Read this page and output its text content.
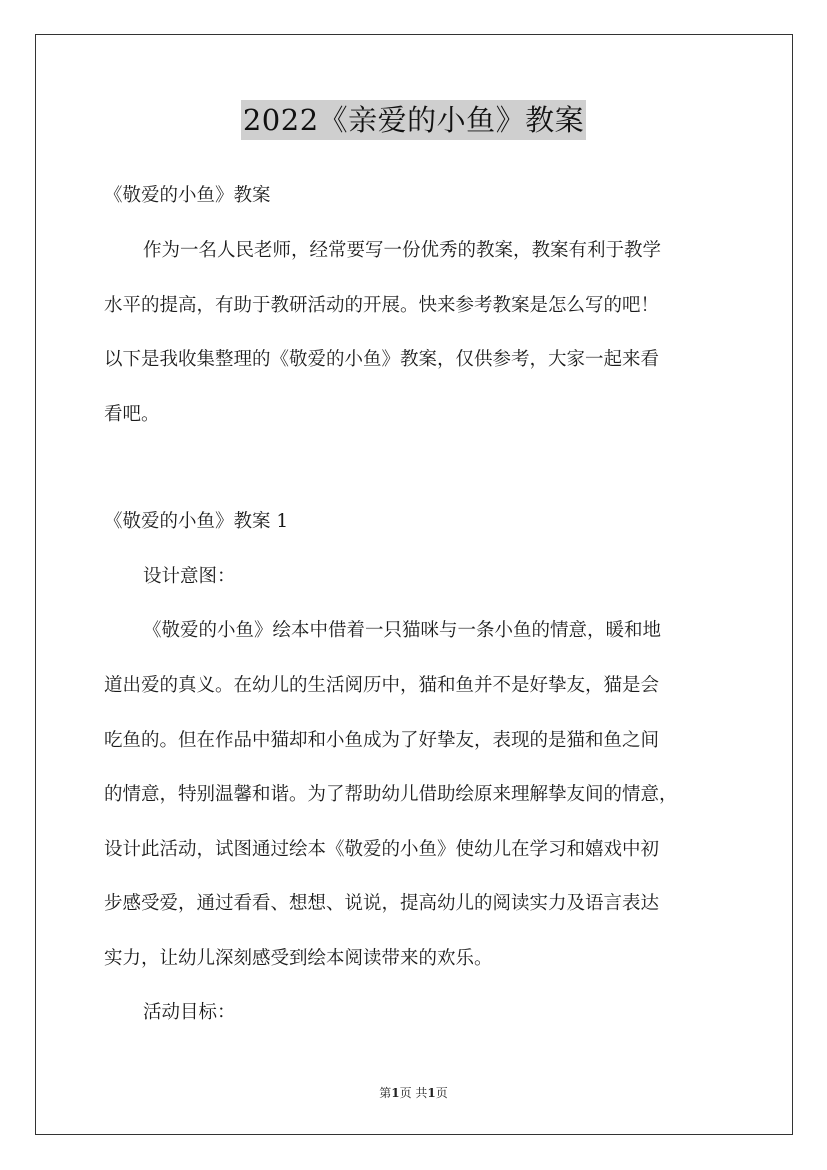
2022《亲爱的小鱼》教案
《敬爱的小鱼》教案
作为一名人民老师，经常要写一份优秀的教案，教案有利于教学
水平的提高，有助于教研活动的开展。快来参考教案是怎么写的吧！
以下是我收集整理的《敬爱的小鱼》教案，仅供参考，大家一起来看
看吧。
《敬爱的小鱼》教案 1
设计意图：
《敬爱的小鱼》绘本中借着一只猫咪与一条小鱼的情意，暖和地
道出爱的真义。在幼儿的生活阅历中，猫和鱼并不是好挚友，猫是会
吃鱼的。但在作品中猫却和小鱼成为了好挚友，表现的是猫和鱼之间
的情意，特别温馨和谐。为了帮助幼儿借助绘原来理解挚友间的情意，
设计此活动，试图通过绘本《敬爱的小鱼》使幼儿在学习和嬉戏中初
步感受爱，通过看看、想想、说说，提高幼儿的阅读实力及语言表达
实力，让幼儿深刻感受到绘本阅读带来的欢乐。
活动目标：
第1页 共1页
